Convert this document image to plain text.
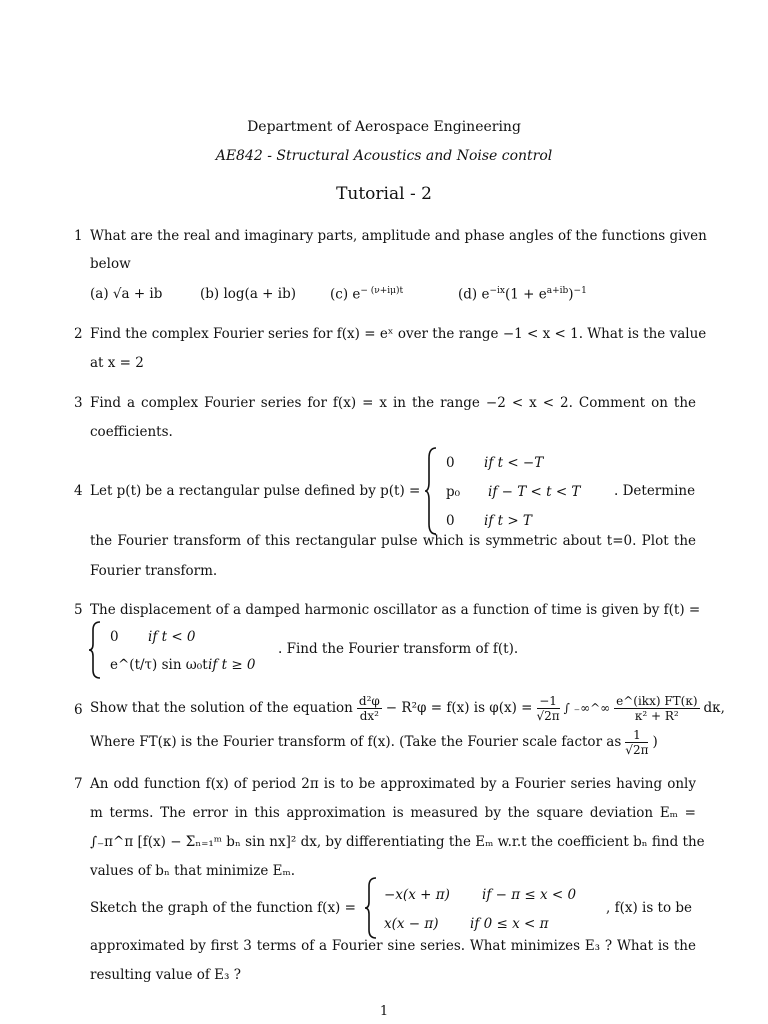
Department of Aerospace Engineering
AE842 - Structural Acoustics and Noise control
Tutorial - 2
1 What are the real and imaginary parts, amplitude and phase angles of the functions given
below
(a) √a + ib	(b) log(a + ib)	(c) $e^{- (\nu+i\mu)t}$	(d) $e^{-ix}(1 + e^{a+ib})^{-1}$
2 Find the complex Fourier series for f(x) = eˣ over the range −1 < x < 1. What is the value
at x = 2
3 Find a complex Fourier series for f(x) = x in the range −2 < x < 2. Comment on the
coefficients.
4 Let p(t) be a rectangular pulse defined by p(t) =
0 if t < −T
p₀ if − T < t < T
0 if t > T
. Determine
the Fourier transform of this rectangular pulse which is symmetric about t=0. Plot the
Fourier transform.
5 The displacement of a damped harmonic oscillator as a function of time is given by f(t) =
0 if t < 0
e^(t/τ) sin ω₀t if t ≥ 0
. Find the Fourier transform of f(t).
6 Show that the solution of the equation $\frac{\text{d²φ}}{\text{dx²}} - R^2\varphi = f(x)$ is $\varphi(x) = \frac{-1}{√2\pi}$ ∫ ₋∞^∞ $\frac{\text{e\textasciicircum{}(ikx) FT(κ)}}{\text{κ² + R²}} d\kappa$,
Where FT(κ) is the Fourier transform of f(x). (Take the Fourier scale factor as $\frac{1}{√2\pi}$ )
7 An odd function f(x) of period 2π is to be approximated by a Fourier series having only
m terms. The error in this approximation is measured by the square deviation Eₘ =
∫₋π^π [f(x) − Σₙ₌₁ᵐ bₙ sin nx]² dx, by differentiating the Eₘ w.r.t the coefficient bₙ find the
values of bₙ that minimize Eₘ.
Sketch the graph of the function f(x) =
−x(x + π) if − π ≤ x < 0
x(x − π) if 0 ≤ x < π
, f(x) is to be
approximated by first 3 terms of a Fourier sine series. What minimizes E₃ ? What is the
resulting value of E₃ ?
1
